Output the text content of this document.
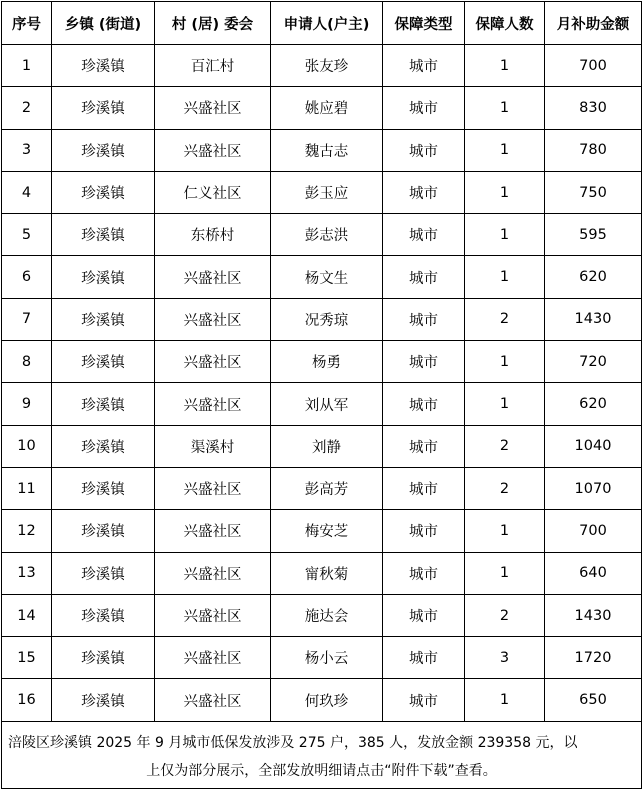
序号	乡镇 (街道)	村 (居) 委会	申请人(户主)	保障类型	保障人数	月补助金额
1	珍溪镇	百汇村	张友珍	城市	1	700
2	珍溪镇	兴盛社区	姚应碧	城市	1	830
3	珍溪镇	兴盛社区	魏古志	城市	1	780
4	珍溪镇	仁义社区	彭玉应	城市	1	750
5	珍溪镇	东桥村	彭志洪	城市	1	595
6	珍溪镇	兴盛社区	杨文生	城市	1	620
7	珍溪镇	兴盛社区	况秀琼	城市	2	1430
8	珍溪镇	兴盛社区	杨勇	城市	1	720
9	珍溪镇	兴盛社区	刘从军	城市	1	620
10	珍溪镇	渠溪村	刘静	城市	2	1040
11	珍溪镇	兴盛社区	彭高芳	城市	2	1070
12	珍溪镇	兴盛社区	梅安芝	城市	1	700
13	珍溪镇	兴盛社区	甯秋菊	城市	1	640
14	珍溪镇	兴盛社区	施达会	城市	2	1430
15	珍溪镇	兴盛社区	杨小云	城市	3	1720
16	珍溪镇	兴盛社区	何玖珍	城市	1	650
涪陵区珍溪镇 2025 年 9 月城市低保发放涉及 275 户，385 人，发放金额 239358 元，以
上仅为部分展示，全部发放明细请点击“附件下载”查看。						
